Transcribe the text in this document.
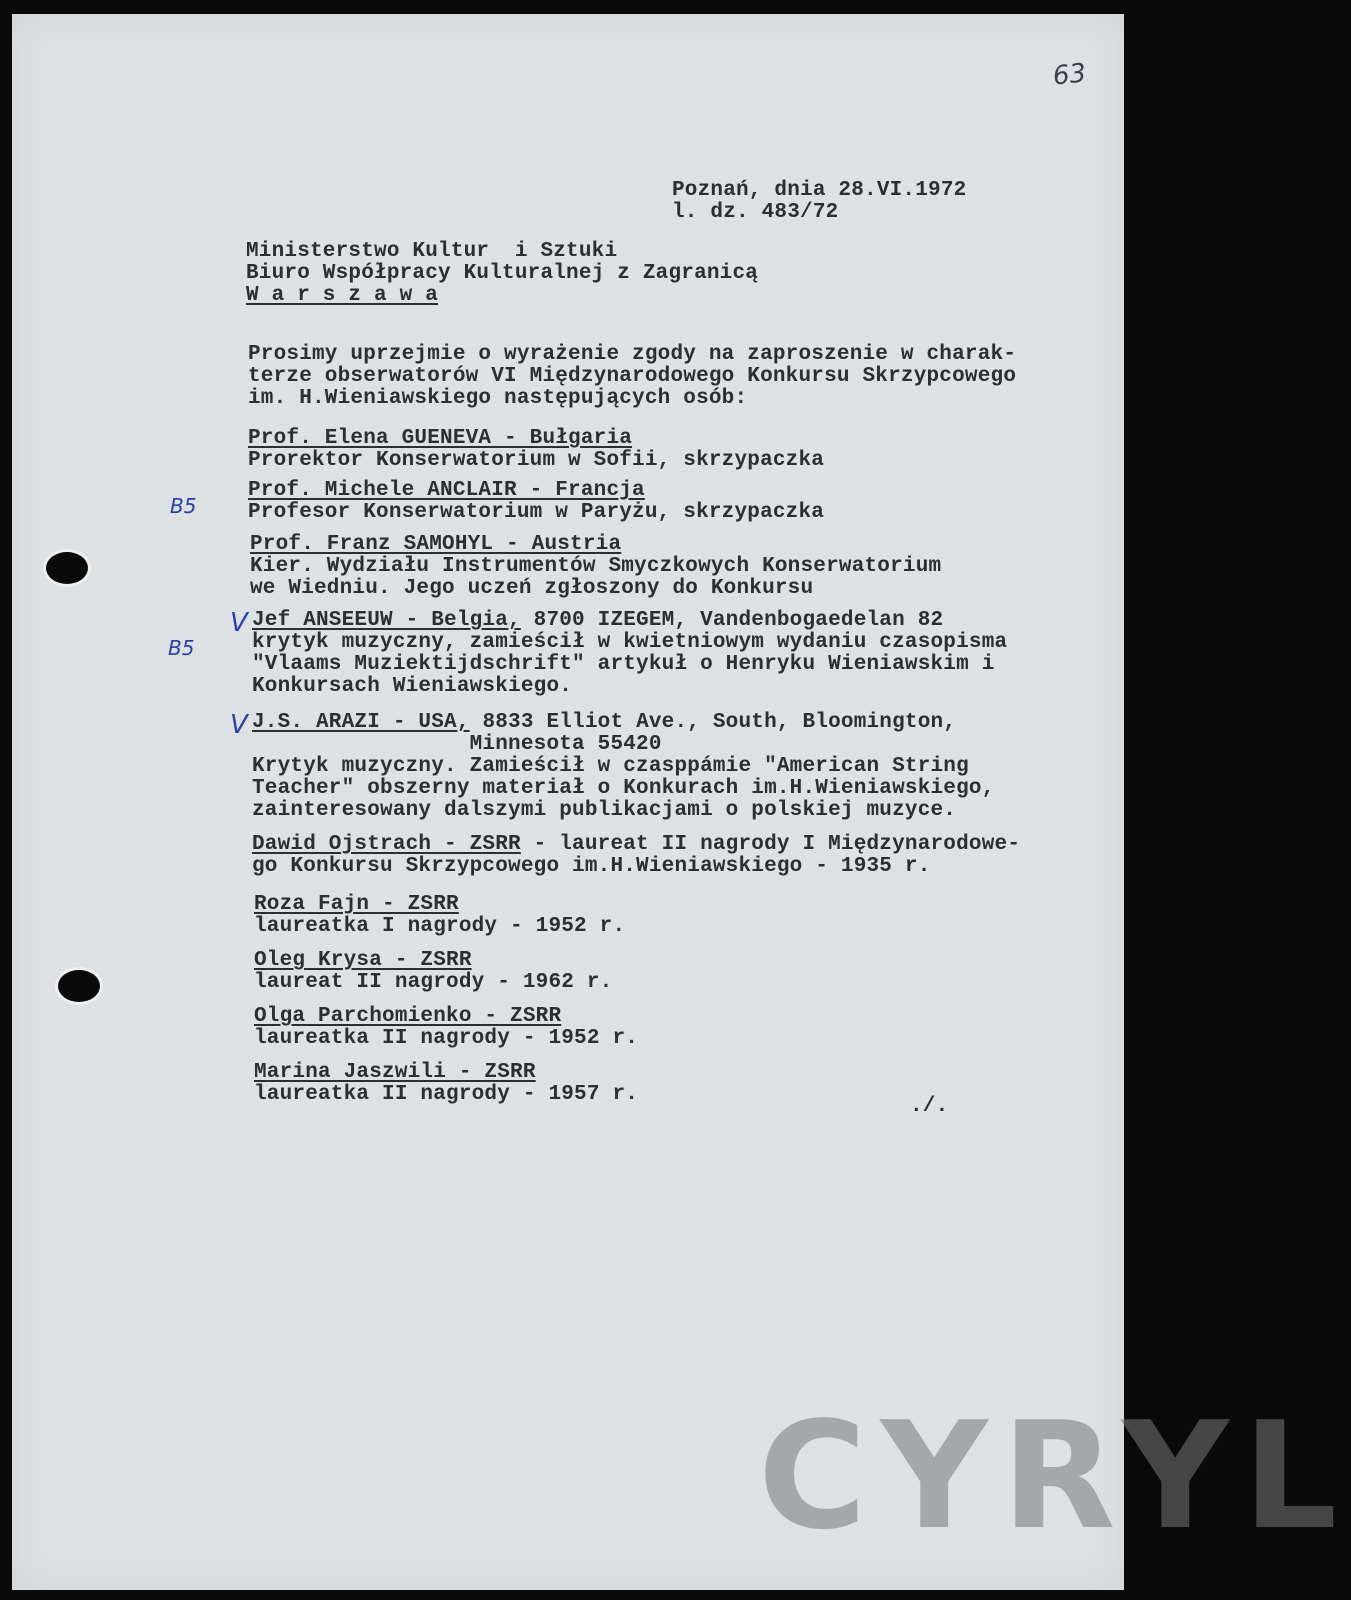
63
Poznań, dnia 28.VI.1972
l. dz. 483/72
Ministerstwo Kultur  i Sztuki
Biuro Współpracy Kulturalnej z Zagranicą
W a r s z a w a
Prosimy uprzejmie o wyrażenie zgody na zaproszenie w charak-
terze obserwatorów VI Międzynarodowego Konkursu Skrzypcowego
im. H.Wieniawskiego następujących osób:
Prof. Elena GUENEVA - Bułgaria
Prorektor Konserwatorium w Sofii, skrzypaczka
B5
Prof. Michele ANCLAIR - Francja
Profesor Konserwatorium w Paryżu, skrzypaczka
Prof. Franz SAMOHYL - Austria
Kier. Wydziału Instrumentów Smyczkowych Konserwatorium
we Wiedniu. Jego uczeń zgłoszony do Konkursu
V
B5
Jef ANSEEUW - Belgia, 8700 IZEGEM, Vandenbogaedelan 82
krytyk muzyczny, zamieścił w kwietniowym wydaniu czasopisma
"Vlaams Muziektijdschrift" artykuł o Henryku Wieniawskim i
Konkursach Wieniawskiego.
V J.S. ARAZI - USA, 8833 Elliot Ave., South, Bloomington,
Minnesota 55420
Krytyk muzyczny. Zamieścił w czasppámie "American String
Teacher" obszerny materiał o Konkurach im.H.Wieniawskiego,
zainteresowany dalszymi publikacjami o polskiej muzyce.
Dawid Ojstrach - ZSRR - laureat II nagrody I Międzynarodowe-
go Konkursu Skrzypcowego im.H.Wieniawskiego - 1935 r.
Roza Fajn - ZSRR
laureatka I nagrody - 1952 r.
Oleg Krysa - ZSRR
laureat II nagrody - 1962 r.
Olga Parchomienko - ZSRR
laureatka II nagrody - 1952 r.
Marina Jaszwili - ZSRR
laureatka II nagrody - 1957 r.
./.
CYRYL
